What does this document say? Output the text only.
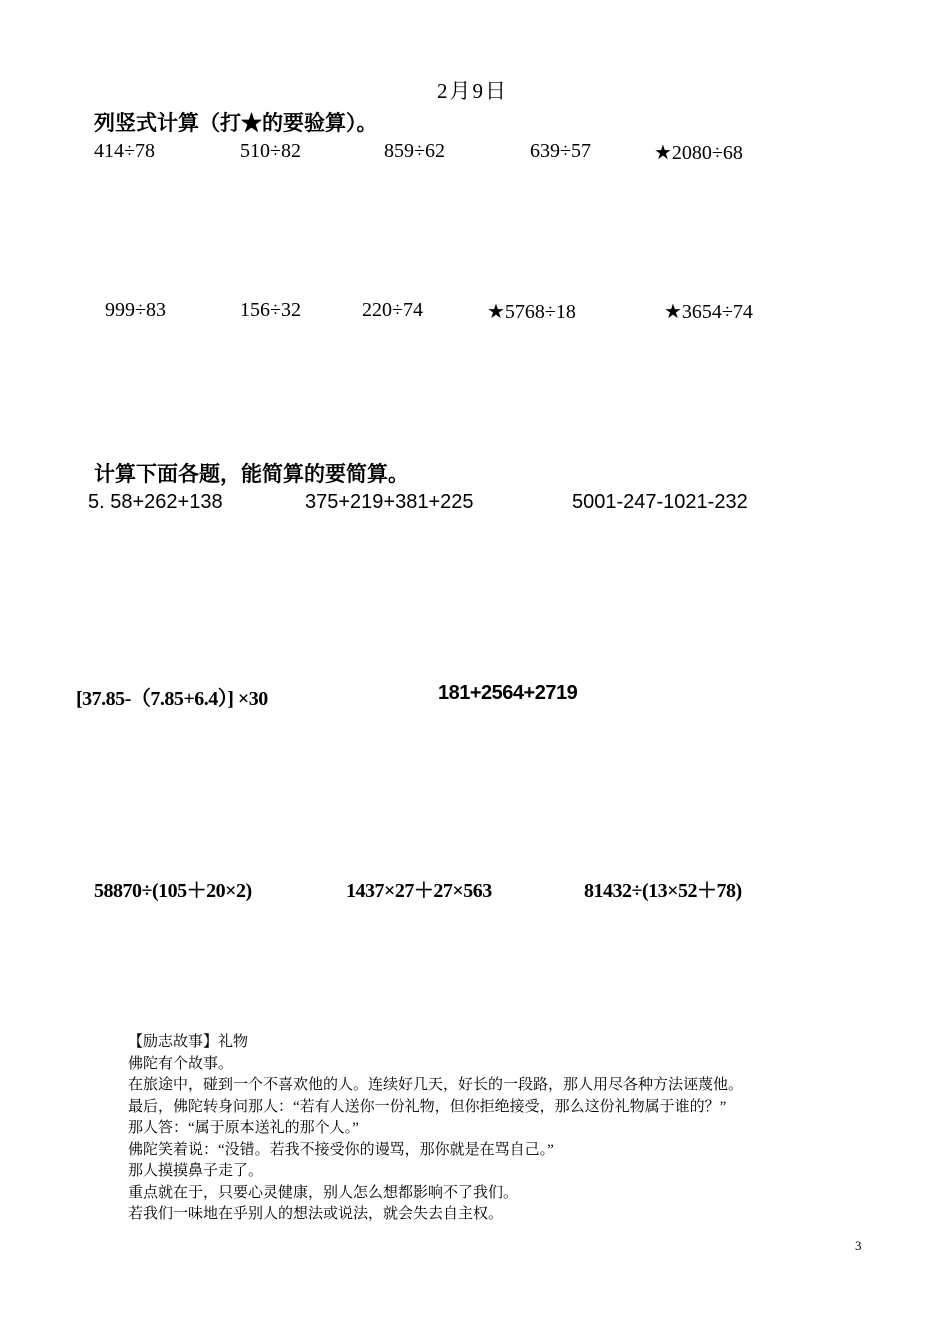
2月9日
列竖式计算（打★的要验算）。
414÷78	510÷82	859÷62	639÷57	★2080÷68
999÷83	156÷32	220÷74	★5768÷18	★3654÷74
计算下面各题，能简算的要简算。
5. 58+262+138	375+219+381+225	5001-247-1021-232
[37.85-（7.85+6.4）] ×30	181+2564+2719
58870÷(105＋20×2)	1437×27＋27×563	81432÷(13×52＋78)
【励志故事】礼物
佛陀有个故事。
在旅途中，碰到一个不喜欢他的人。连续好几天，好长的一段路，那人用尽各种方法诬蔑他。
最后，佛陀转身问那人：“若有人送你一份礼物，但你拒绝接受，那么这份礼物属于谁的？”
那人答：“属于原本送礼的那个人。”
佛陀笑着说：“没错。若我不接受你的谩骂，那你就是在骂自己。”
那人摸摸鼻子走了。
重点就在于，只要心灵健康，别人怎么想都影响不了我们。
若我们一味地在乎别人的想法或说法，就会失去自主权。
3
